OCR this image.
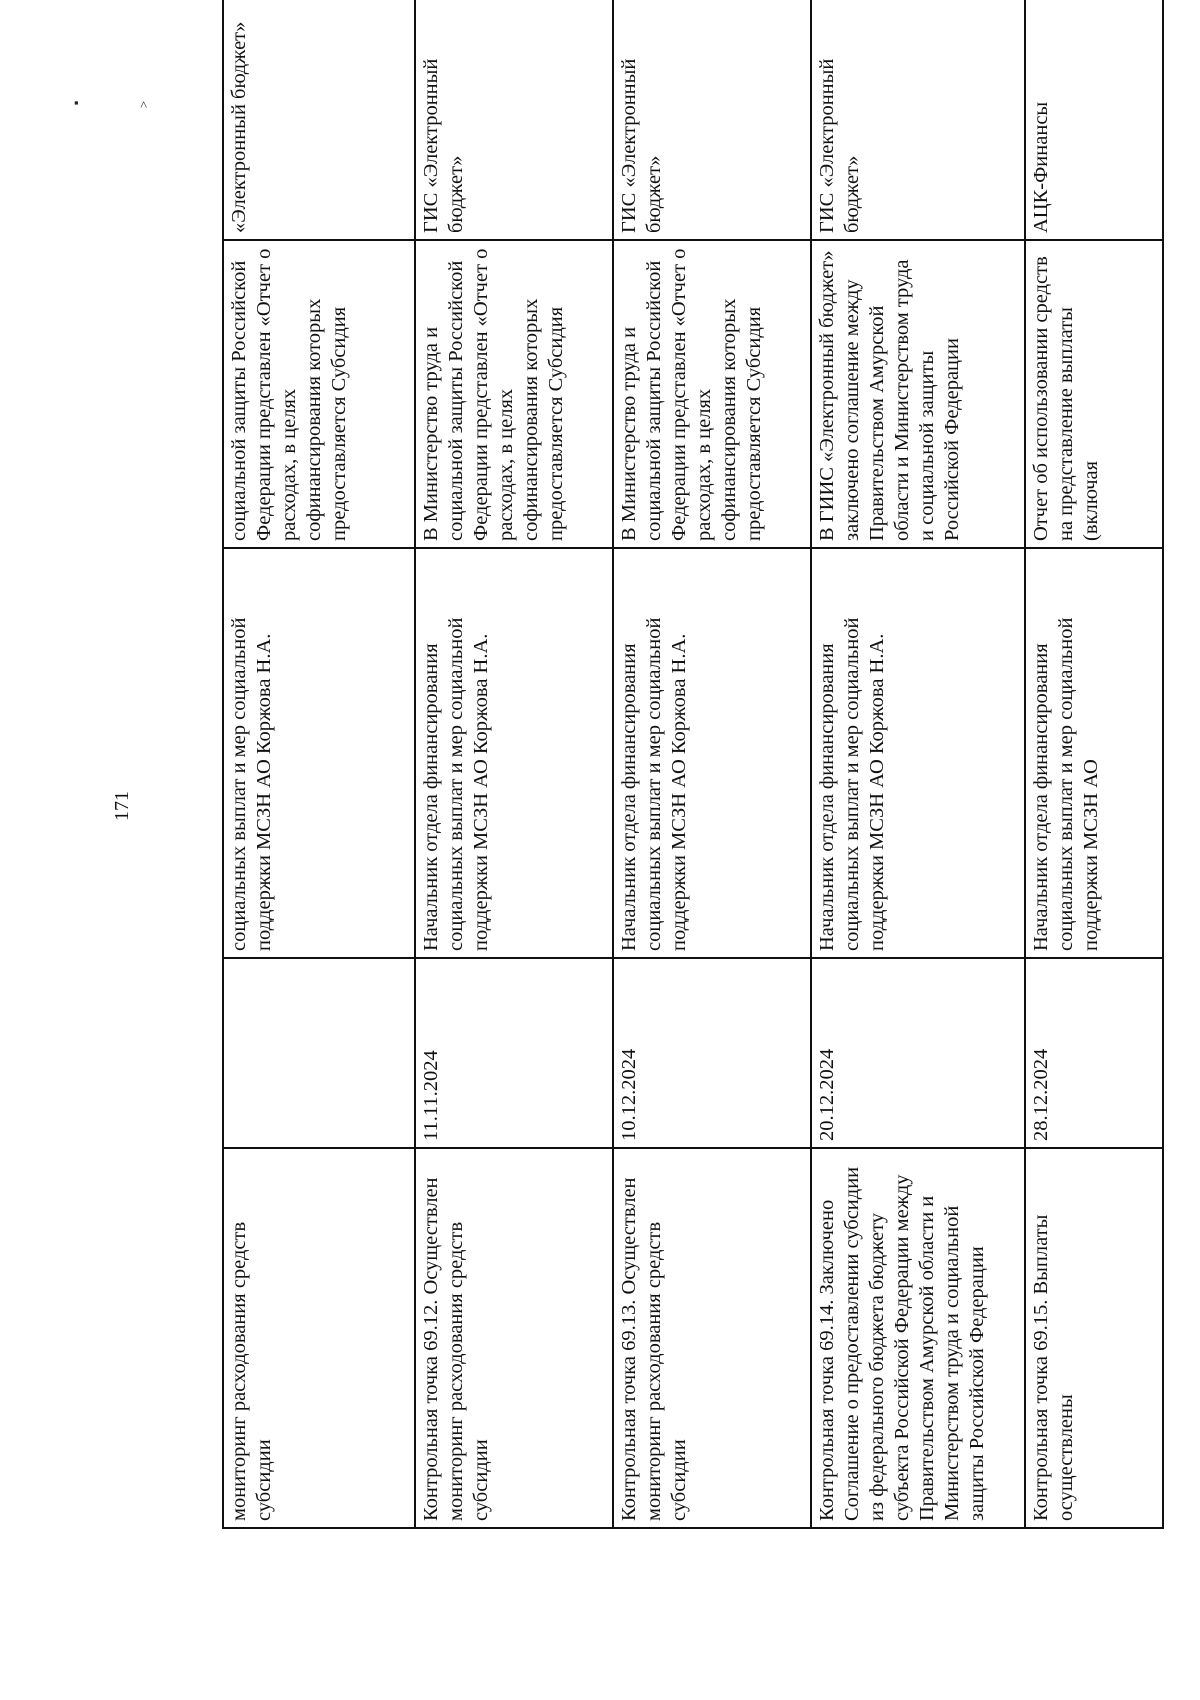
▪	˄
171
мониторинг расходования средств субсидии		социальных выплат и мер социальной поддержки МСЗН АО Коржова Н.А.	социальной защиты Российской Федерации представлен «Отчет о расходах, в целях софинансирования которых предоставляется Субсидия	«Электронный бюджет»
Контрольная точка 69.12. Осуществлен мониторинг расходования средств субсидии	11.11.2024	Начальник отдела финансирования социальных выплат и мер социальной поддержки МСЗН АО Коржова Н.А.	В Министерство труда и социальной защиты Российской Федерации представлен «Отчет о расходах, в целях софинансирования которых предоставляется Субсидия	ГИС «Электронный бюджет»
Контрольная точка 69.13. Осуществлен мониторинг расходования средств субсидии	10.12.2024	Начальник отдела финансирования социальных выплат и мер социальной поддержки МСЗН АО Коржова Н.А.	В Министерство труда и социальной защиты Российской Федерации представлен «Отчет о расходах, в целях софинансирования которых предоставляется Субсидия	ГИС «Электронный бюджет»
Контрольная точка 69.14. Заключено Соглашение о предоставлении субсидии из федерального бюджета бюджету субъекта Российской Федерации между Правительством Амурской области и Министерством труда и социальной защиты Российской Федерации	20.12.2024	Начальник отдела финансирования социальных выплат и мер социальной поддержки МСЗН АО Коржова Н.А.	В ГИИС «Электронный бюджет» заключено соглашение между Правительством Амурской области и Министерством труда и социальной защиты Российской Федерации	ГИС «Электронный бюджет»
Контрольная точка 69.15. Выплаты осуществлены	28.12.2024	Начальник отдела финансирования социальных выплат и мер социальной поддержки МСЗН АО	Отчет об использовании средств на представление выплаты (включая	АЦК-Финансы
